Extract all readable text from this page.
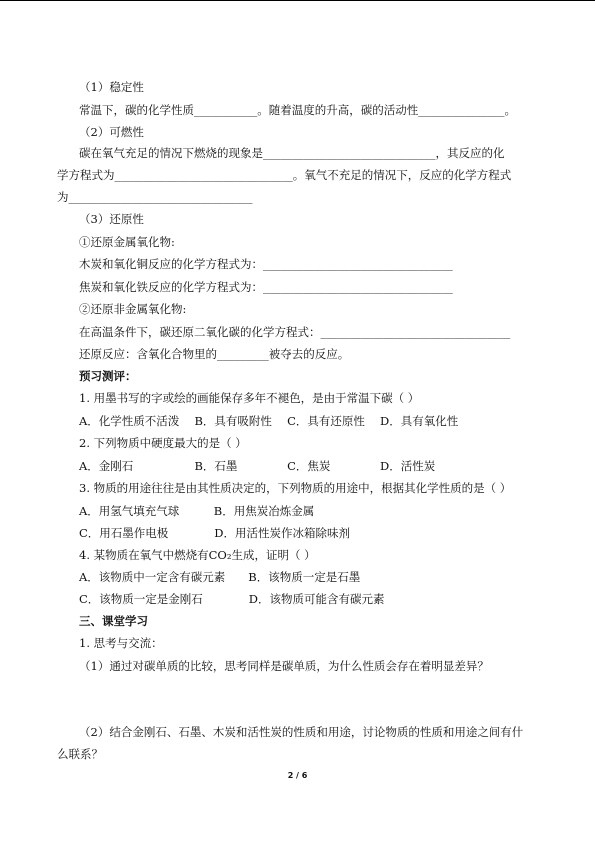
（1）稳定性
常温下，碳的化学性质___________。随着温度的升高，碳的活动性_______________。
（2）可燃性
碳在氧气充足的情况下燃烧的现象是______________________________，其反应的化
学方程式为_______________________________。氧气不充足的情况下，反应的化学方程式
为________________________________
（3）还原性
①还原金属氧化物:
木炭和氧化铜反应的化学方程式为：_________________________________
焦炭和氧化铁反应的化学方程式为：_________________________________
②还原非金属氧化物:
在高温条件下，碳还原二氧化碳的化学方程式：_________________________________
还原反应：含氧化合物里的_________被夺去的反应。
预习测评：
1. 用墨书写的字或绘的画能保存多年不褪色，是由于常温下碳（ ）
A．化学性质不活泼　 B．具有吸附性　 C．具有还原性　 D．具有氧化性
2. 下列物质中硬度最大的是（ ）
A．金刚石　　　　　 B．石墨　　　　 C．焦炭　　　　 D．活性炭
3. 物质的用途往往是由其性质决定的，下列物质的用途中，根据其化学性质的是（ ）
A．用氢气填充气球　　　B．用焦炭冶炼金属
C．用石墨作电极　　　　D．用活性炭作冰箱除味剂
4. 某物质在氧气中燃烧有CO₂生成，证明（ ）
A．该物质中一定含有碳元素　　B．该物质一定是石墨
C．该物质一定是金刚石　　　　D．该物质可能含有碳元素
三、课堂学习
1. 思考与交流：
（1）通过对碳单质的比较，思考同样是碳单质，为什么性质会存在着明显差异？
（2）结合金刚石、石墨、木炭和活性炭的性质和用途，讨论物质的性质和用途之间有什
么联系？
2 / 6
